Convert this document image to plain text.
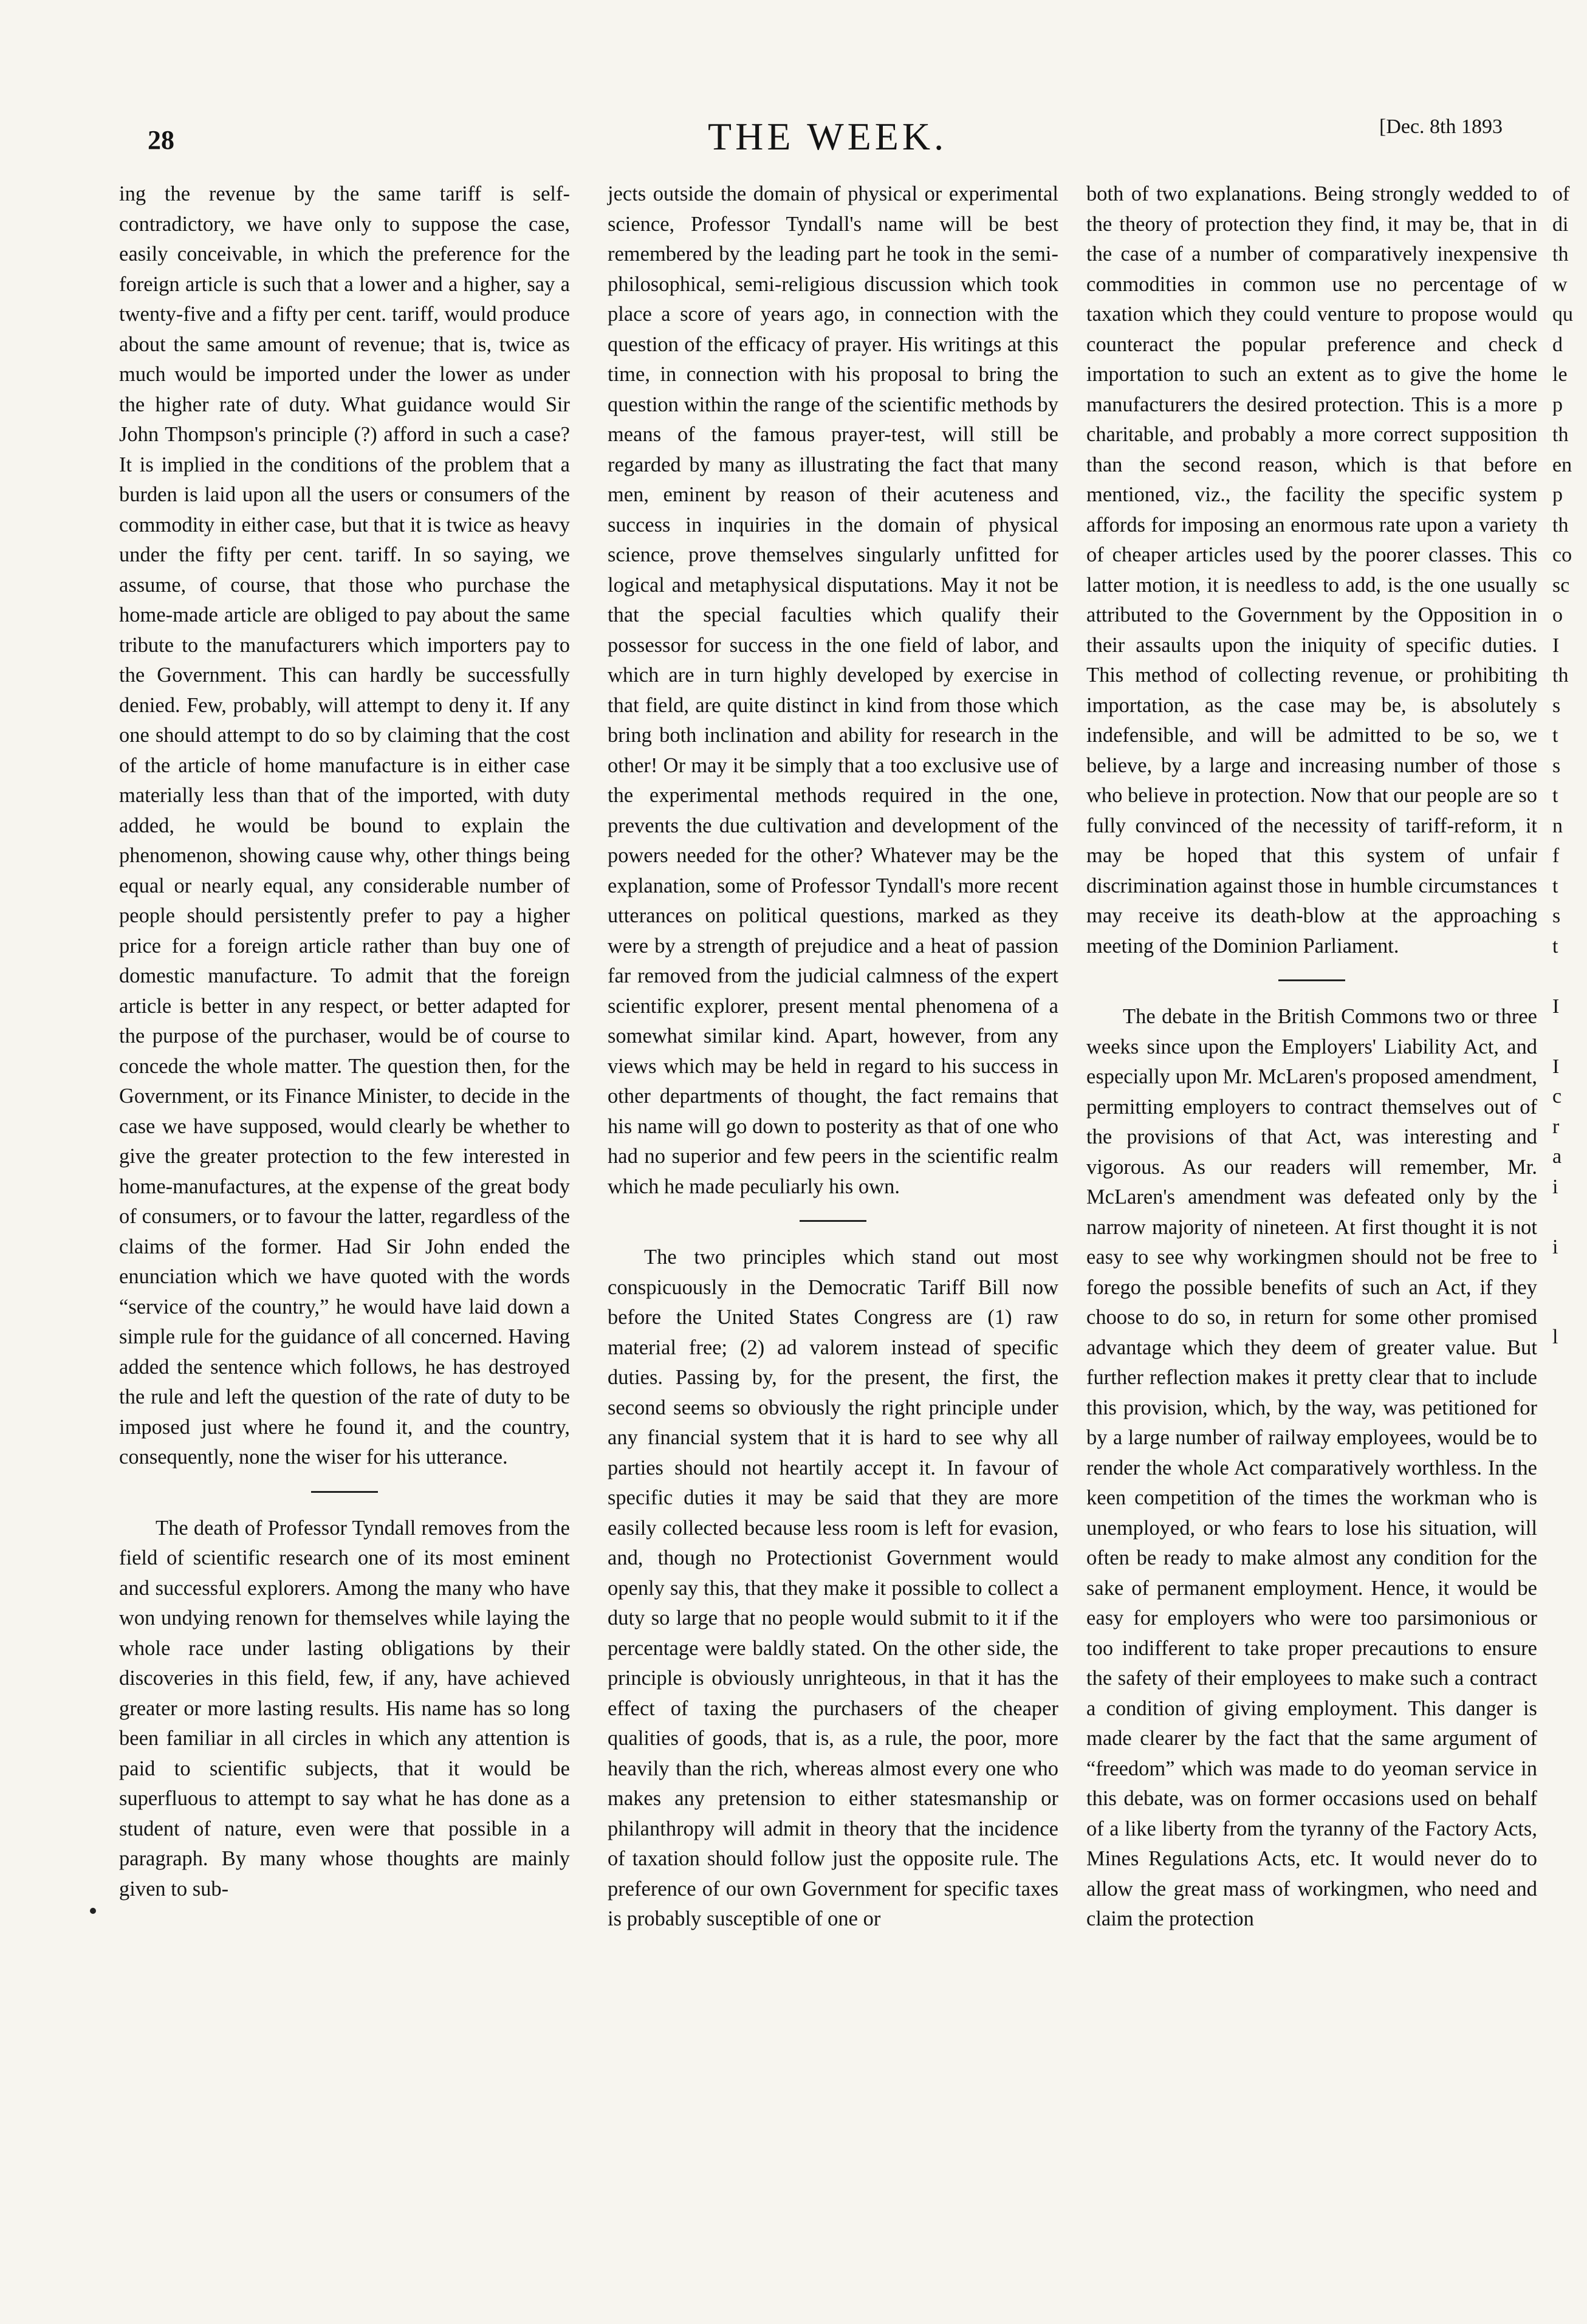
28	THE WEEK.	[Dec. 8th 1893

ing the revenue by the same tariff is self-contradictory, we have only to suppose the case, easily conceivable, in which the preference for the foreign article is such that a lower and a higher, say a twenty-five and a fifty per cent. tariff, would produce about the same amount of revenue; that is, twice as much would be imported under the lower as under the higher rate of duty. What guidance would Sir John Thompson's principle (?) afford in such a case? It is implied in the conditions of the problem that a burden is laid upon all the users or consumers of the commodity in either case, but that it is twice as heavy under the fifty per cent. tariff. In so saying, we assume, of course, that those who purchase the home-made article are obliged to pay about the same tribute to the manufacturers which importers pay to the Government. This can hardly be successfully denied. Few, probably, will attempt to deny it. If any one should attempt to do so by claiming that the cost of the article of home manufacture is in either case materially less than that of the imported, with duty added, he would be bound to explain the phenomenon, showing cause why, other things being equal or nearly equal, any considerable number of people should persistently prefer to pay a higher price for a foreign article rather than buy one of domestic manufacture. To admit that the foreign article is better in any respect, or better adapted for the purpose of the purchaser, would be of course to concede the whole matter. The question then, for the Government, or its Finance Minister, to decide in the case we have supposed, would clearly be whether to give the greater protection to the few interested in home-manufactures, at the expense of the great body of consumers, or to favour the latter, regardless of the claims of the former. Had Sir John ended the enunciation which we have quoted with the words “service of the country,” he would have laid down a simple rule for the guidance of all concerned. Having added the sentence which follows, he has destroyed the rule and left the question of the rate of duty to be imposed just where he found it, and the country, consequently, none the wiser for his utterance.

The death of Professor Tyndall removes from the field of scientific research one of its most eminent and successful explorers. Among the many who have won undying renown for themselves while laying the whole race under lasting obligations by their discoveries in this field, few, if any, have achieved greater or more lasting results. His name has so long been familiar in all circles in which any attention is paid to scientific subjects, that it would be superfluous to attempt to say what he has done as a student of nature, even were that possible in a paragraph. By many whose thoughts are mainly given to sub-

jects outside the domain of physical or experimental science, Professor Tyndall's name will be best remembered by the leading part he took in the semi-philosophical, semi-religious discussion which took place a score of years ago, in connection with the question of the efficacy of prayer. His writings at this time, in connection with his proposal to bring the question within the range of the scientific methods by means of the famous prayer-test, will still be regarded by many as illustrating the fact that many men, eminent by reason of their acuteness and success in inquiries in the domain of physical science, prove themselves singularly unfitted for logical and metaphysical disputations. May it not be that the special faculties which qualify their possessor for success in the one field of labor, and which are in turn highly developed by exercise in that field, are quite distinct in kind from those which bring both inclination and ability for research in the other! Or may it be simply that a too exclusive use of the experimental methods required in the one, prevents the due cultivation and development of the powers needed for the other? Whatever may be the explanation, some of Professor Tyndall's more recent utterances on political questions, marked as they were by a strength of prejudice and a heat of passion far removed from the judicial calmness of the expert scientific explorer, present mental phenomena of a somewhat similar kind. Apart, however, from any views which may be held in regard to his success in other departments of thought, the fact remains that his name will go down to posterity as that of one who had no superior and few peers in the scientific realm which he made peculiarly his own.

The two principles which stand out most conspicuously in the Democratic Tariff Bill now before the United States Congress are (1) raw material free; (2) ad valorem instead of specific duties. Passing by, for the present, the first, the second seems so obviously the right principle under any financial system that it is hard to see why all parties should not heartily accept it. In favour of specific duties it may be said that they are more easily collected because less room is left for evasion, and, though no Protectionist Government would openly say this, that they make it possible to collect a duty so large that no people would submit to it if the percentage were baldly stated. On the other side, the principle is obviously unrighteous, in that it has the effect of taxing the purchasers of the cheaper qualities of goods, that is, as a rule, the poor, more heavily than the rich, whereas almost every one who makes any pretension to either statesmanship or philanthropy will admit in theory that the incidence of taxation should follow just the opposite rule. The preference of our own Government for specific taxes is probably susceptible of one or

both of two explanations. Being strongly wedded to the theory of protection they find, it may be, that in the case of a number of comparatively inexpensive commodities in common use no percentage of taxation which they could venture to propose would counteract the popular preference and check importation to such an extent as to give the home manufacturers the desired protection. This is a more charitable, and probably a more correct supposition than the second reason, which is that before mentioned, viz., the facility the specific system affords for imposing an enormous rate upon a variety of cheaper articles used by the poorer classes. This latter motion, it is needless to add, is the one usually attributed to the Government by the Opposition in their assaults upon the iniquity of specific duties. This method of collecting revenue, or prohibiting importation, as the case may be, is absolutely indefensible, and will be admitted to be so, we believe, by a large and increasing number of those who believe in protection. Now that our people are so fully convinced of the necessity of tariff-reform, it may be hoped that this system of unfair discrimination against those in humble circumstances may receive its death-blow at the approaching meeting of the Dominion Parliament.

The debate in the British Commons two or three weeks since upon the Employers' Liability Act, and especially upon Mr. McLaren's proposed amendment, permitting employers to contract themselves out of the provisions of that Act, was interesting and vigorous. As our readers will remember, Mr. McLaren's amendment was defeated only by the narrow majority of nineteen. At first thought it is not easy to see why workingmen should not be free to forego the possible benefits of such an Act, if they choose to do so, in return for some other promised advantage which they deem of greater value. But further reflection makes it pretty clear that to include this provision, which, by the way, was petitioned for by a large number of railway employees, would be to render the whole Act comparatively worthless. In the keen competition of the times the workman who is unemployed, or who fears to lose his situation, will often be ready to make almost any condition for the sake of permanent employment. Hence, it would be easy for employers who were too parsimonious or too indifferent to take proper precautions to ensure the safety of their employees to make such a contract a condition of giving employment. This danger is made clearer by the fact that the same argument of “freedom” which was made to do yeoman service in this debate, was on former occasions used on behalf of a like liberty from the tyranny of the Factory Acts, Mines Regulations Acts, etc. It would never do to allow the great mass of workingmen, who need and claim the protection

of
di
th
w
qu
d
le
p
th
en
p
th
co
sc
o
I
th
s
t
s
t
n
f
t
s
t

I

I
c
r
a
i

i

l
